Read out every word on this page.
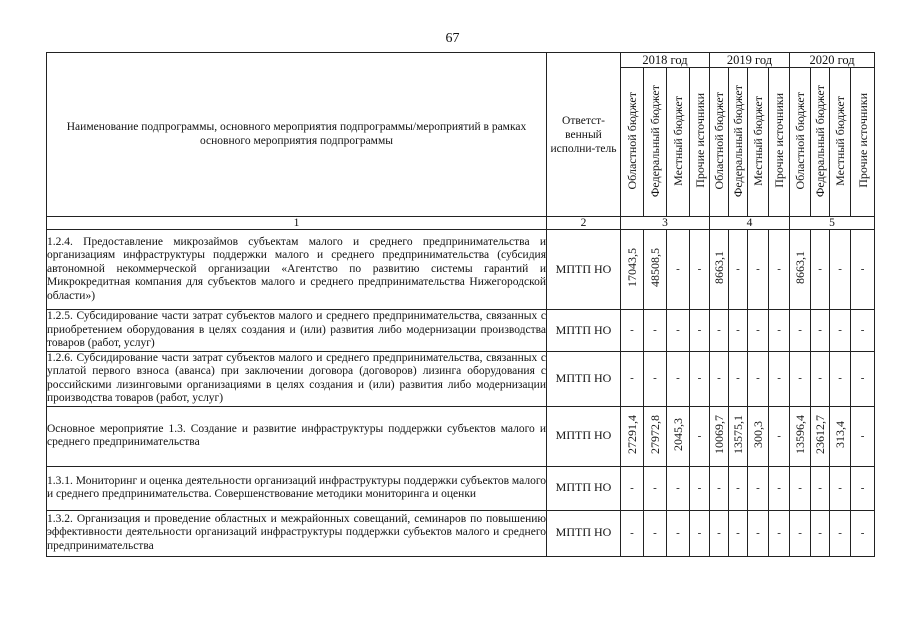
67
Наименование подпрограммы, основного мероприятия подпрограммы/мероприятий в рамках основного мероприятия подпрограммы	Ответст-венный исполни-тель	2018 год				2019 год				2020 год			
		Областной бюджет	Федеральный бюджет	Местный бюджет	Прочие источники	Областной бюджет	Федеральный бюджет	Местный бюджет	Прочие источники	Областной бюджет	Федеральный бюджет	Местный бюджет	Прочие источники
1	2	3				4				5			
1.2.4. Предоставление микрозаймов субъектам малого и среднего предпринимательства и организациям инфраструктуры поддержки малого и среднего предпринимательства (субсидия автономной некоммерческой организации «Агентство по развитию системы гарантий и Микрокредитная компания для субъектов малого и среднего предпринимательства Нижегородской области»)	МПТП НО	17043,5	48508,5	-	-	8663,1	-	-	-	8663,1	-	-	-
1.2.5. Субсидирование части затрат субъектов малого и среднего предпринимательства, связанных с приобретением оборудования в целях создания и (или) развития либо модернизации производства товаров (работ, услуг)	МПТП НО	-	-	-	-	-	-	-	-	-	-	-	-
1.2.6. Субсидирование части затрат субъектов малого и среднего предпринимательства, связанных с уплатой первого взноса (аванса) при заключении договора (договоров) лизинга оборудования с российскими лизинговыми организациями в целях создания и (или) развития либо модернизации производства товаров (работ, услуг)	МПТП НО	-	-	-	-	-	-	-	-	-	-	-	-
Основное мероприятие 1.3. Создание и развитие инфраструктуры поддержки субъектов малого и среднего предпринимательства	МПТП НО	27291,4	27972,8	2045,3	-	10069,7	13575,1	300,3	-	13596,4	23612,7	313,4	-
1.3.1. Мониторинг и оценка деятельности организаций инфраструктуры поддержки субъектов малого и среднего предпринимательства. Совершенствование методики мониторинга и оценки	МПТП НО	-	-	-	-	-	-	-	-	-	-	-	-
1.3.2. Организация и проведение областных и межрайонных совещаний, семинаров по повышению эффективности деятельности организаций инфраструктуры поддержки субъектов малого и среднего предпринимательства	МПТП НО	-	-	-	-	-	-	-	-	-	-	-	-
